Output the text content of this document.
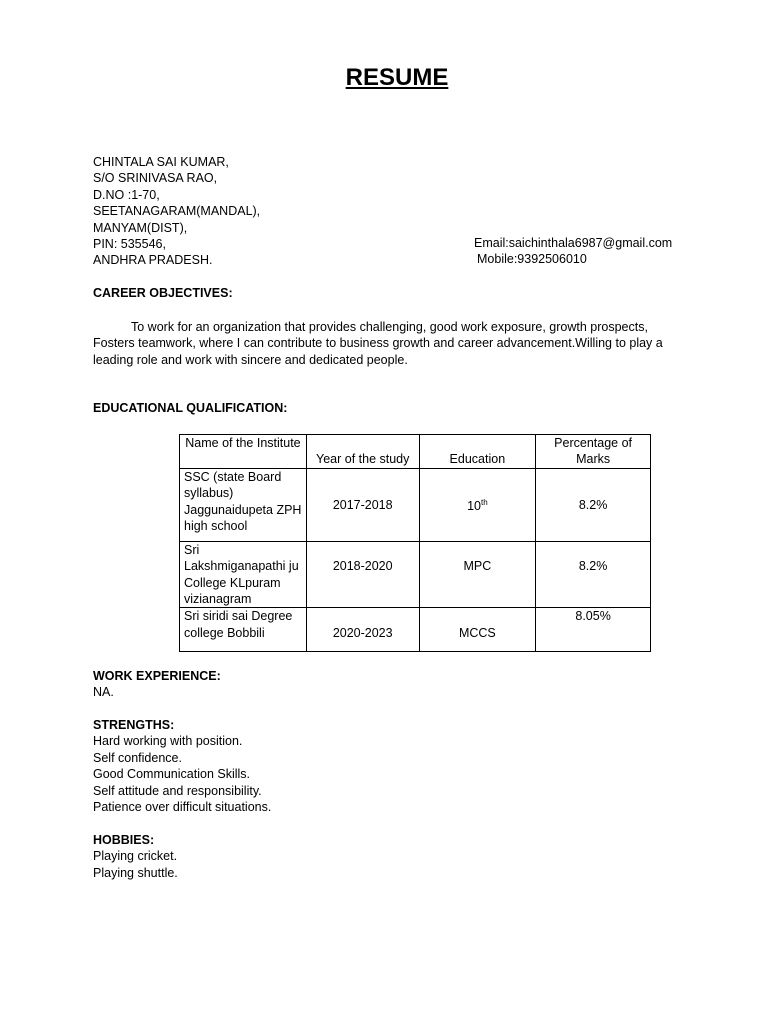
RESUME
CHINTALA SAI KUMAR,
S/O SRINIVASA RAO,
D.NO :1-70,
SEETANAGARAM(MANDAL),
MANYAM(DIST),
PIN: 535546,
ANDHRA PRADESH.
Email:saichinthala6987@gmail.com
Mobile:9392506010
CAREER OBJECTIVES:
To work for an organization that provides challenging, good work exposure, growth prospects, Fosters teamwork, where I can contribute to business growth and career advancement.Willing to play a leading role and work with sincere and dedicated people.
EDUCATIONAL QUALIFICATION:
Name of the Institute	Year of the study	Education	Percentage of Marks
SSC (state Board syllabus) Jaggunaidupeta ZPH high school	2017-2018	10th	8.2%
Sri Lakshmiganapathi ju College KLpuram vizianagram	2018-2020	MPC	8.2%
Sri siridi sai Degree college Bobbili	2020-2023	MCCS	8.05%
WORK EXPERIENCE:
NA.
STRENGTHS:
Hard working with position.
Self confidence.
Good Communication Skills.
Self attitude and responsibility.
Patience over difficult situations.
HOBBIES:
Playing cricket.
Playing shuttle.
